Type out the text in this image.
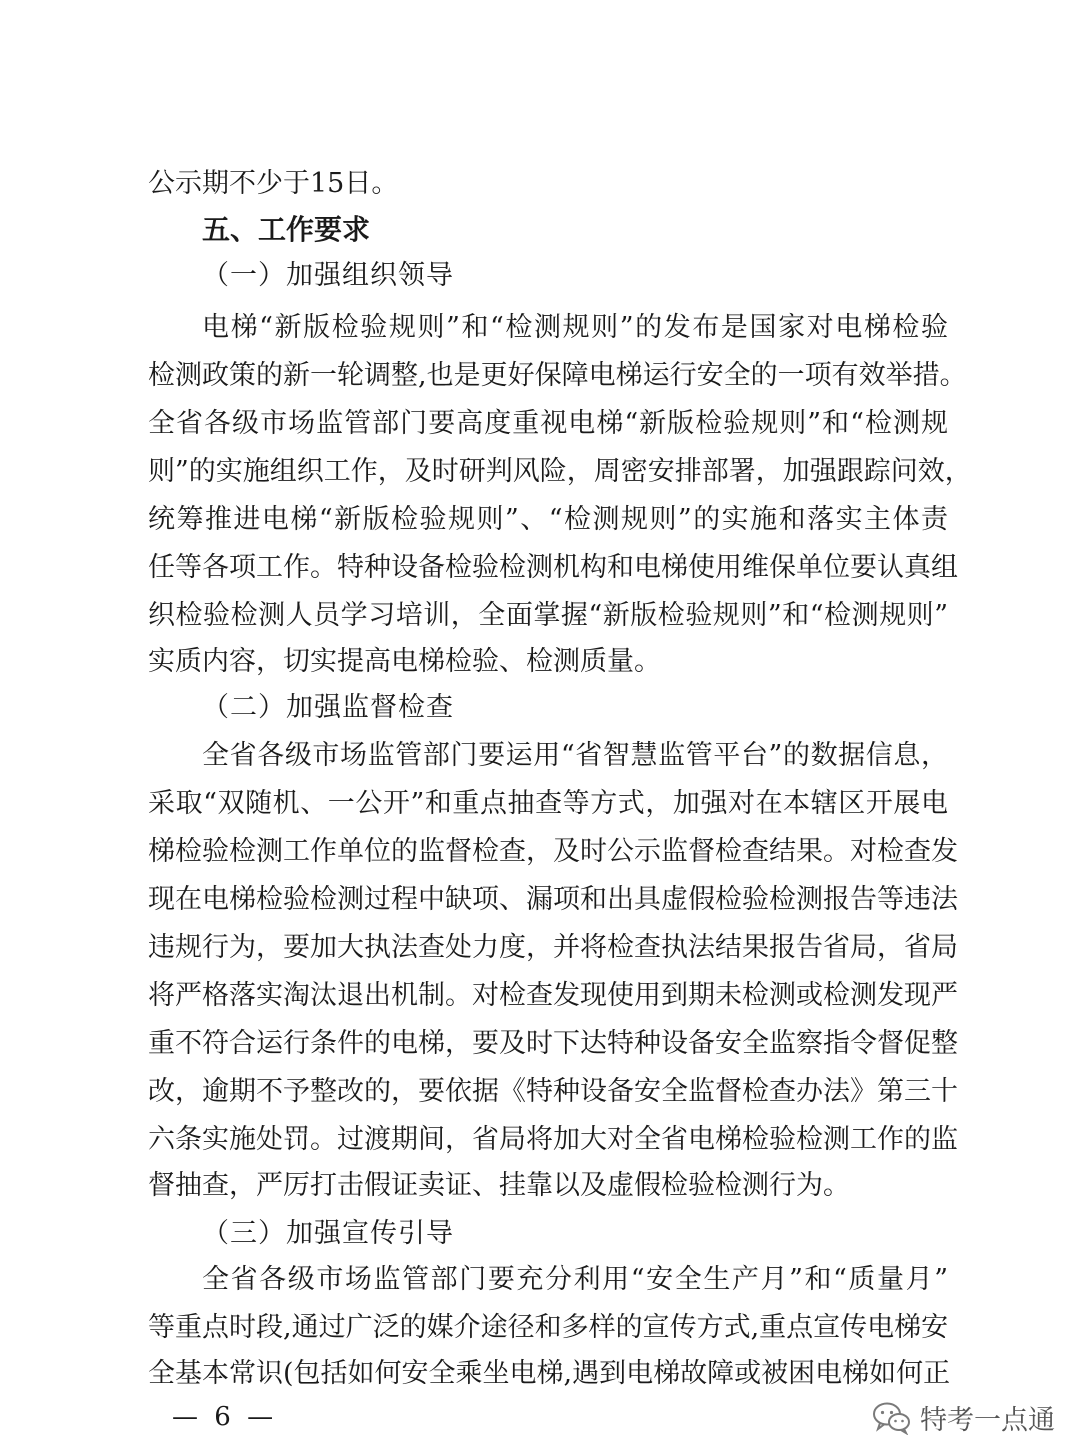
公示期不少于15日。
五、工作要求
（一）加强组织领导
电梯“新版检验规则”和“检测规则”的发布是国家对电梯检验
检测政策的新一轮调整,也是更好保障电梯运行安全的一项有效举措。
全省各级市场监管部门要高度重视电梯“新版检验规则”和“检测规
则”的实施组织工作，及时研判风险，周密安排部署，加强跟踪问效，
统筹推进电梯“新版检验规则”、“检测规则”的实施和落实主体责
任等各项工作。特种设备检验检测机构和电梯使用维保单位要认真组
织检验检测人员学习培训，全面掌握“新版检验规则”和“检测规则”
实质内容，切实提高电梯检验、检测质量。
（二）加强监督检查
全省各级市场监管部门要运用“省智慧监管平台”的数据信息，
采取“双随机、一公开”和重点抽查等方式，加强对在本辖区开展电
梯检验检测工作单位的监督检查，及时公示监督检查结果。对检查发
现在电梯检验检测过程中缺项、漏项和出具虚假检验检测报告等违法
违规行为，要加大执法查处力度，并将检查执法结果报告省局，省局
将严格落实淘汰退出机制。对检查发现使用到期未检测或检测发现严
重不符合运行条件的电梯，要及时下达特种设备安全监察指令督促整
改，逾期不予整改的，要依据《特种设备安全监督检查办法》第三十
六条实施处罚。过渡期间，省局将加大对全省电梯检验检测工作的监
督抽查，严厉打击假证卖证、挂靠以及虚假检验检测行为。
（三）加强宣传引导
全省各级市场监管部门要充分利用“安全生产月”和“质量月”
等重点时段,通过广泛的媒介途径和多样的宣传方式,重点宣传电梯安
全基本常识(包括如何安全乘坐电梯,遇到电梯故障或被困电梯如何正
— 6 —	特考一点通
